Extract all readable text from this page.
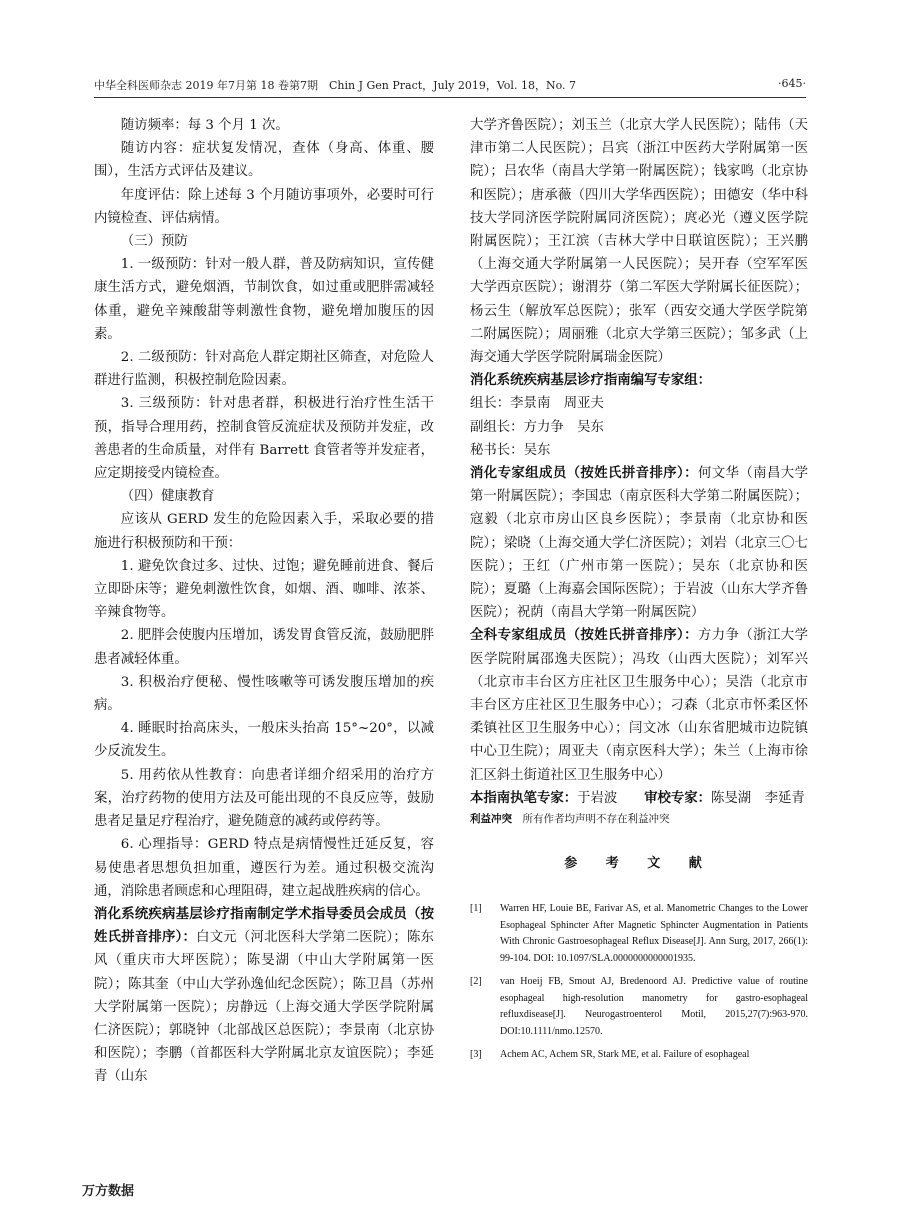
中华全科医师杂志 2019 年7月第 18 卷第7期　Chin J Gen Pract，July 2019，Vol. 18，No. 7	·645·

随访频率：每 3 个月 1 次。

随访内容：症状复发情况，查体（身高、体重、腰围），生活方式评估及建议。

年度评估：除上述每 3 个月随访事项外，必要时可行内镜检查、评估病情。

（三）预防

1. 一级预防：针对一般人群，普及防病知识，宣传健康生活方式，避免烟酒，节制饮食，如过重或肥胖需减轻体重，避免辛辣酸甜等刺激性食物，避免增加腹压的因素。

2. 二级预防：针对高危人群定期社区筛查，对危险人群进行监测，积极控制危险因素。

3. 三级预防：针对患者群，积极进行治疗性生活干预，指导合理用药，控制食管反流症状及预防并发症，改善患者的生命质量，对伴有 Barrett 食管者等并发症者，应定期接受内镜检查。

（四）健康教育

应该从 GERD 发生的危险因素入手，采取必要的措施进行积极预防和干预：

1. 避免饮食过多、过快、过饱；避免睡前进食、餐后立即卧床等；避免刺激性饮食，如烟、酒、咖啡、浓茶、辛辣食物等。

2. 肥胖会使腹内压增加，诱发胃食管反流，鼓励肥胖患者减轻体重。

3. 积极治疗便秘、慢性咳嗽等可诱发腹压增加的疾病。

4. 睡眠时抬高床头，一般床头抬高 15°~20°，以减少反流发生。

5. 用药依从性教育：向患者详细介绍采用的治疗方案，治疗药物的使用方法及可能出现的不良反应等，鼓励患者足量足疗程治疗，避免随意的减药或停药等。

6. 心理指导：GERD 特点是病情慢性迁延反复，容易使患者思想负担加重，遵医行为差。通过积极交流沟通，消除患者顾虑和心理阻碍，建立起战胜疾病的信心。

消化系统疾病基层诊疗指南制定学术指导委员会成员（按姓氏拼音排序）：白文元（河北医科大学第二医院）；陈东风（重庆市大坪医院）；陈旻湖（中山大学附属第一医院）；陈其奎（中山大学孙逸仙纪念医院）；陈卫昌（苏州大学附属第一医院）；房静远（上海交通大学医学院附属仁济医院）；郭晓钟（北部战区总医院）；李景南（北京协和医院）；李鹏（首都医科大学附属北京友谊医院）；李延青（山东

大学齐鲁医院）；刘玉兰（北京大学人民医院）；陆伟（天津市第二人民医院）；吕宾（浙江中医药大学附属第一医院）；吕农华（南昌大学第一附属医院）；钱家鸣（北京协和医院）；唐承薇（四川大学华西医院）；田德安（华中科技大学同济医学院附属同济医院）；庹必光（遵义医学院附属医院）；王江滨（吉林大学中日联谊医院）；王兴鹏（上海交通大学附属第一人民医院）；吴开春（空军军医大学西京医院）；谢渭芬（第二军医大学附属长征医院）；杨云生（解放军总医院）；张军（西安交通大学医学院第二附属医院）；周丽雅（北京大学第三医院）；邹多武（上海交通大学医学院附属瑞金医院）

消化系统疾病基层诊疗指南编写专家组：

组长：李景南　周亚夫

副组长：方力争　吴东

秘书长：吴东

消化专家组成员（按姓氏拼音排序）：何文华（南昌大学第一附属医院）；李国忠（南京医科大学第二附属医院）；寇毅（北京市房山区良乡医院）；李景南（北京协和医院）；梁晓（上海交通大学仁济医院）；刘岩（北京三〇七医院）；王红（广州市第一医院）；吴东（北京协和医院）；夏璐（上海嘉会国际医院）；于岩波（山东大学齐鲁医院）；祝荫（南昌大学第一附属医院）

全科专家组成员（按姓氏拼音排序）：方力争（浙江大学医学院附属邵逸夫医院）；冯玫（山西大医院）；刘军兴（北京市丰台区方庄社区卫生服务中心）；吴浩（北京市丰台区方庄社区卫生服务中心）；刁森（北京市怀柔区怀柔镇社区卫生服务中心）；闫文冰（山东省肥城市边院镇中心卫生院）；周亚夫（南京医科大学）；朱兰（上海市徐汇区斜土街道社区卫生服务中心）

本指南执笔专家：于岩波　　 审校专家：陈旻湖　李延青

利益冲突　 所有作者均声明不存在利益冲突

参 考 文 献
[1]	Warren HF, Louie BE, Farivar AS, et al. Manometric Changes to the Lower Esophageal Sphincter After Magnetic Sphincter Augmentation in Patients With Chronic Gastroesophageal Reflux Disease[J]. Ann Surg, 2017, 266(1): 99-104. DOI: 10.1097/SLA.0000000000001935.
[2]	van Hoeij FB, Smout AJ, Bredenoord AJ. Predictive value of routine esophageal high-resolution manometry for gastro-esophageal refluxdisease[J]. Neurogastroenterol Motil, 2015,27(7):963-970. DOI:10.1111/nmo.12570.
[3]	Achem AC, Achem SR, Stark ME, et al. Failure of esophageal
万方数据
